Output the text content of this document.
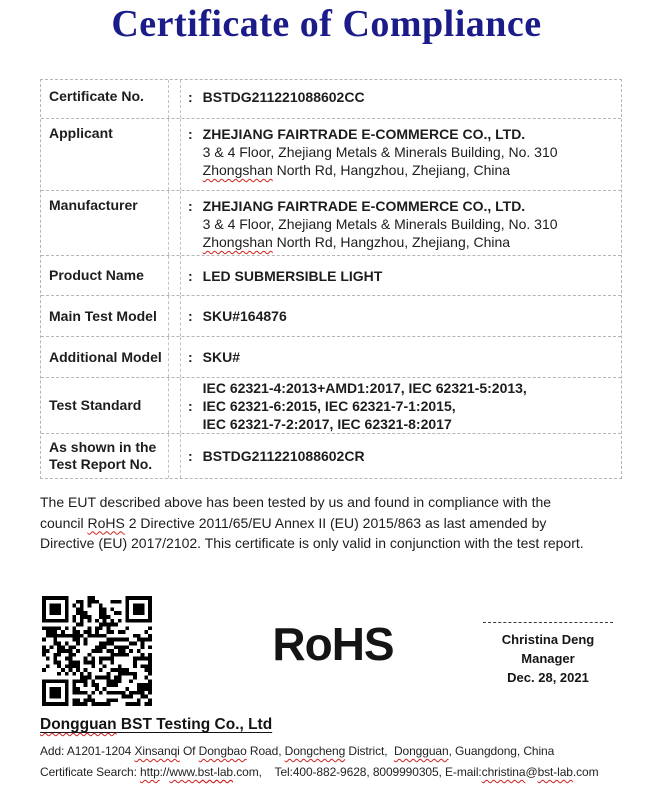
Certificate of Compliance
Certificate No.	: BSTDG211221088602CC
Applicant	: ZHEJIANG FAIRTRADE E-COMMERCE CO., LTD.
3 & 4 Floor, Zhejiang Metals & Minerals Building, No. 310
Zhongshan North Rd, Hangzhou, Zhejiang, China
Manufacturer	: ZHEJIANG FAIRTRADE E-COMMERCE CO., LTD.
3 & 4 Floor, Zhejiang Metals & Minerals Building, No. 310
Zhongshan North Rd, Hangzhou, Zhejiang, China
Product Name	: LED SUBMERSIBLE LIGHT
Main Test Model	: SKU#164876
Additional Model	: SKU#
Test Standard	:
IEC 62321-4:2013+AMD1:2017, IEC 62321-5:2013,
IEC 62321-6:2015, IEC 62321-7-1:2015,
IEC 62321-7-2:2017, IEC 62321-8:2017
As shown in the Test Report No.	: BSTDG211221088602CR
The EUT described above has been tested by us and found in compliance with the
council RoHS 2 Directive 2011/65/EU Annex II (EU) 2015/863 as last amended by
Directive (EU) 2017/2102. This certificate is only valid in conjunction with the test report.
RoHS	Christina Deng
Manager
Dec. 28, 2021
Dongguan BST Testing Co., Ltd
Add: A1201-1204 Xinsanqi Of Dongbao Road, Dongcheng District,  Dongguan, Guangdong, China
Certificate Search: http://www.bst-lab.com,    Tel:400-882-9628, 8009990305, E-mail:christina@bst-lab.com
